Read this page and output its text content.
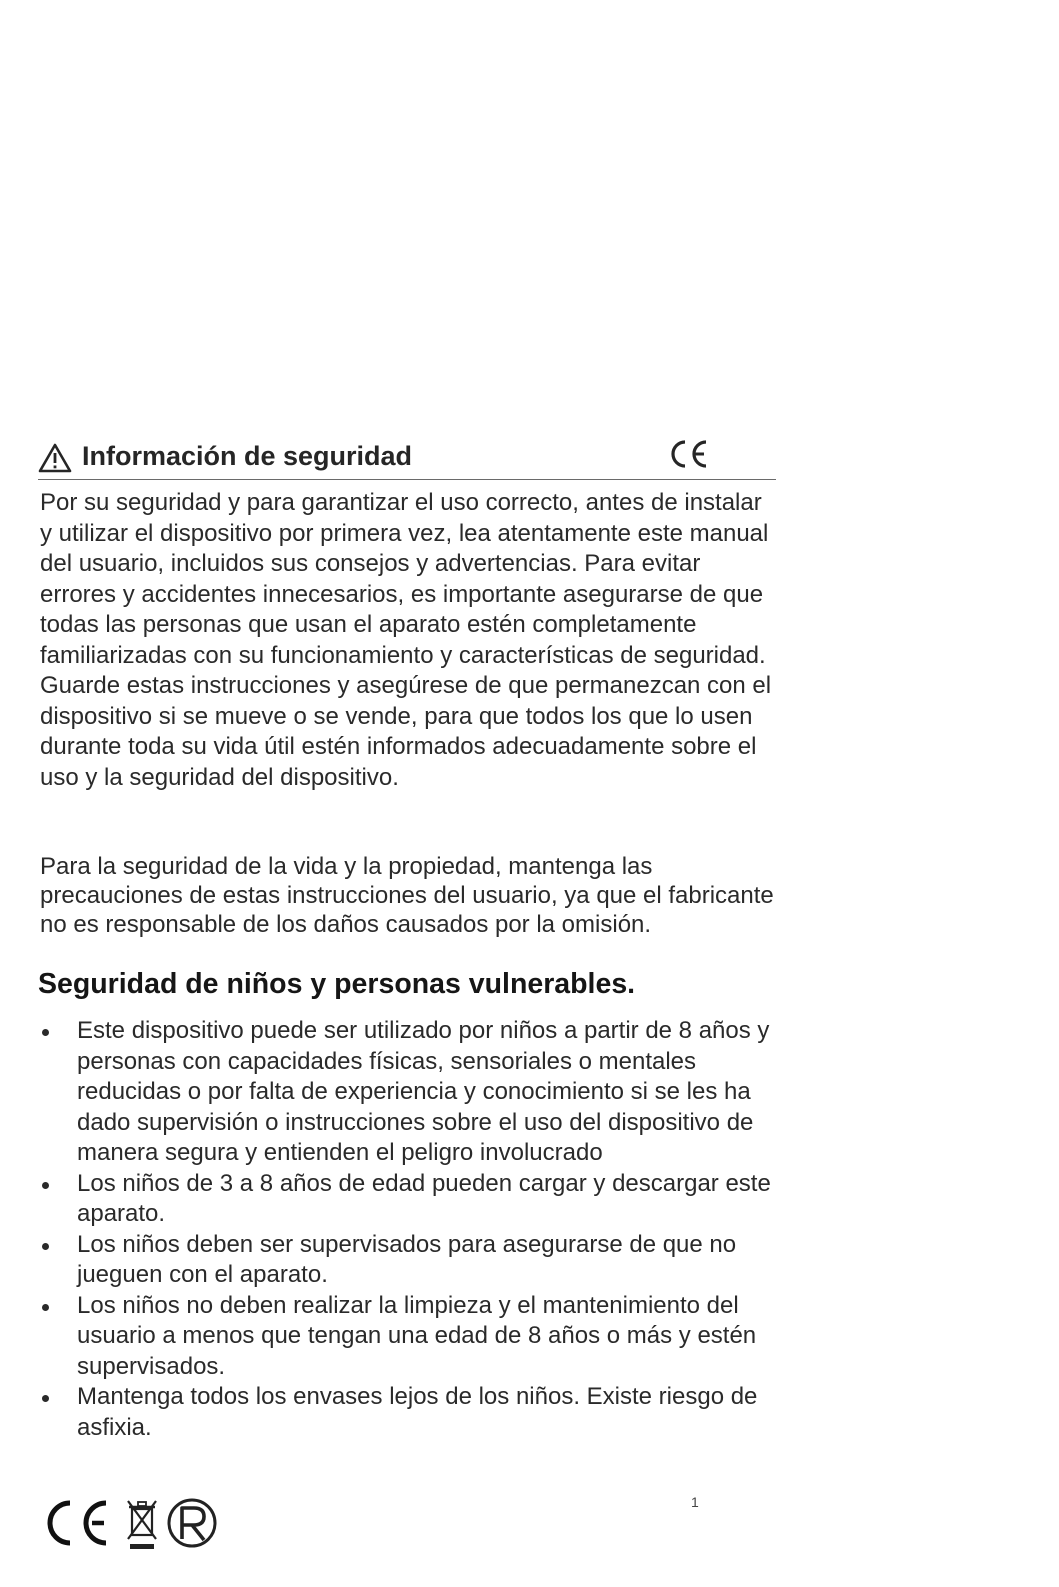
Información de seguridad
Por su seguridad y para garantizar el uso correcto, antes de instalar y utilizar el dispositivo por primera vez, lea atentamente este manual del usuario, incluidos sus consejos y advertencias. Para evitar errores y accidentes innecesarios, es importante asegurarse de que todas las personas que usan el aparato estén completamente familiarizadas con su funcionamiento y características de seguridad. Guarde estas instrucciones y asegúrese de que permanezcan con el dispositivo si se mueve o se vende, para que todos los que lo usen durante toda su vida útil estén informados adecuadamente sobre el uso y la seguridad del dispositivo.
Para la seguridad de la vida y la propiedad, mantenga las precauciones de estas instrucciones del usuario, ya que el fabricante no es responsable de los daños causados por la omisión.
Seguridad de niños y personas vulnerables.
Este dispositivo puede ser utilizado por niños a partir de 8 años y personas con capacidades físicas, sensoriales o mentales reducidas o por falta de experiencia y conocimiento si se les ha dado supervisión o instrucciones sobre el uso del dispositivo de manera segura y entienden el peligro involucrado
Los niños de 3 a 8 años de edad pueden cargar y descargar este aparato.
Los niños deben ser supervisados para asegurarse de que no jueguen con el aparato.
Los niños no deben realizar la limpieza y el mantenimiento del usuario a menos que tengan una edad de 8 años o más y estén supervisados.
Mantenga todos los envases lejos de los niños. Existe riesgo de asfixia.
1
